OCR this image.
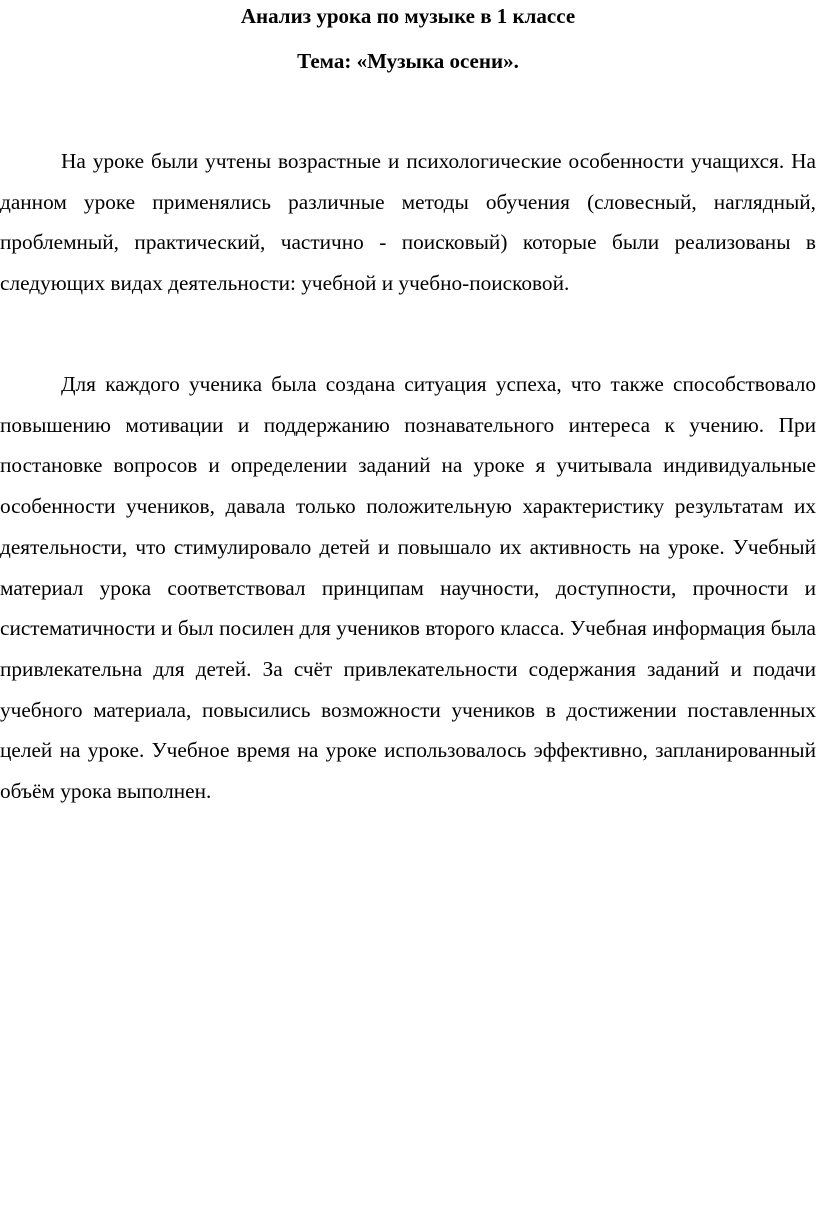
Анализ урока по музыке в 1 классе
Тема: «Музыка осени».

На уроке были учтены возрастные и психологические особенности учащихся. На данном уроке применялись различные методы обучения (словесный, наглядный, проблемный, практический, частично - поисковый) которые были реализованы в следующих видах деятельности: учебной и учебно-поисковой.

Для каждого ученика была создана ситуация успеха, что также способствовало повышению мотивации и поддержанию познавательного интереса к учению. При постановке вопросов и определении заданий на уроке я учитывала индивидуальные особенности учеников, давала только положительную характеристику результатам их деятельности, что стимулировало детей и повышало их активность на уроке. Учебный материал урока соответствовал принципам научности, доступности, прочности и систематичности и был посилен для учеников второго класса. Учебная информация была привлекательна для детей. За счёт привлекательности содержания заданий и подачи учебного материала, повысились возможности учеников в достижении поставленных целей на уроке. Учебное время на уроке использовалось эффективно, запланированный объём урока выполнен.
